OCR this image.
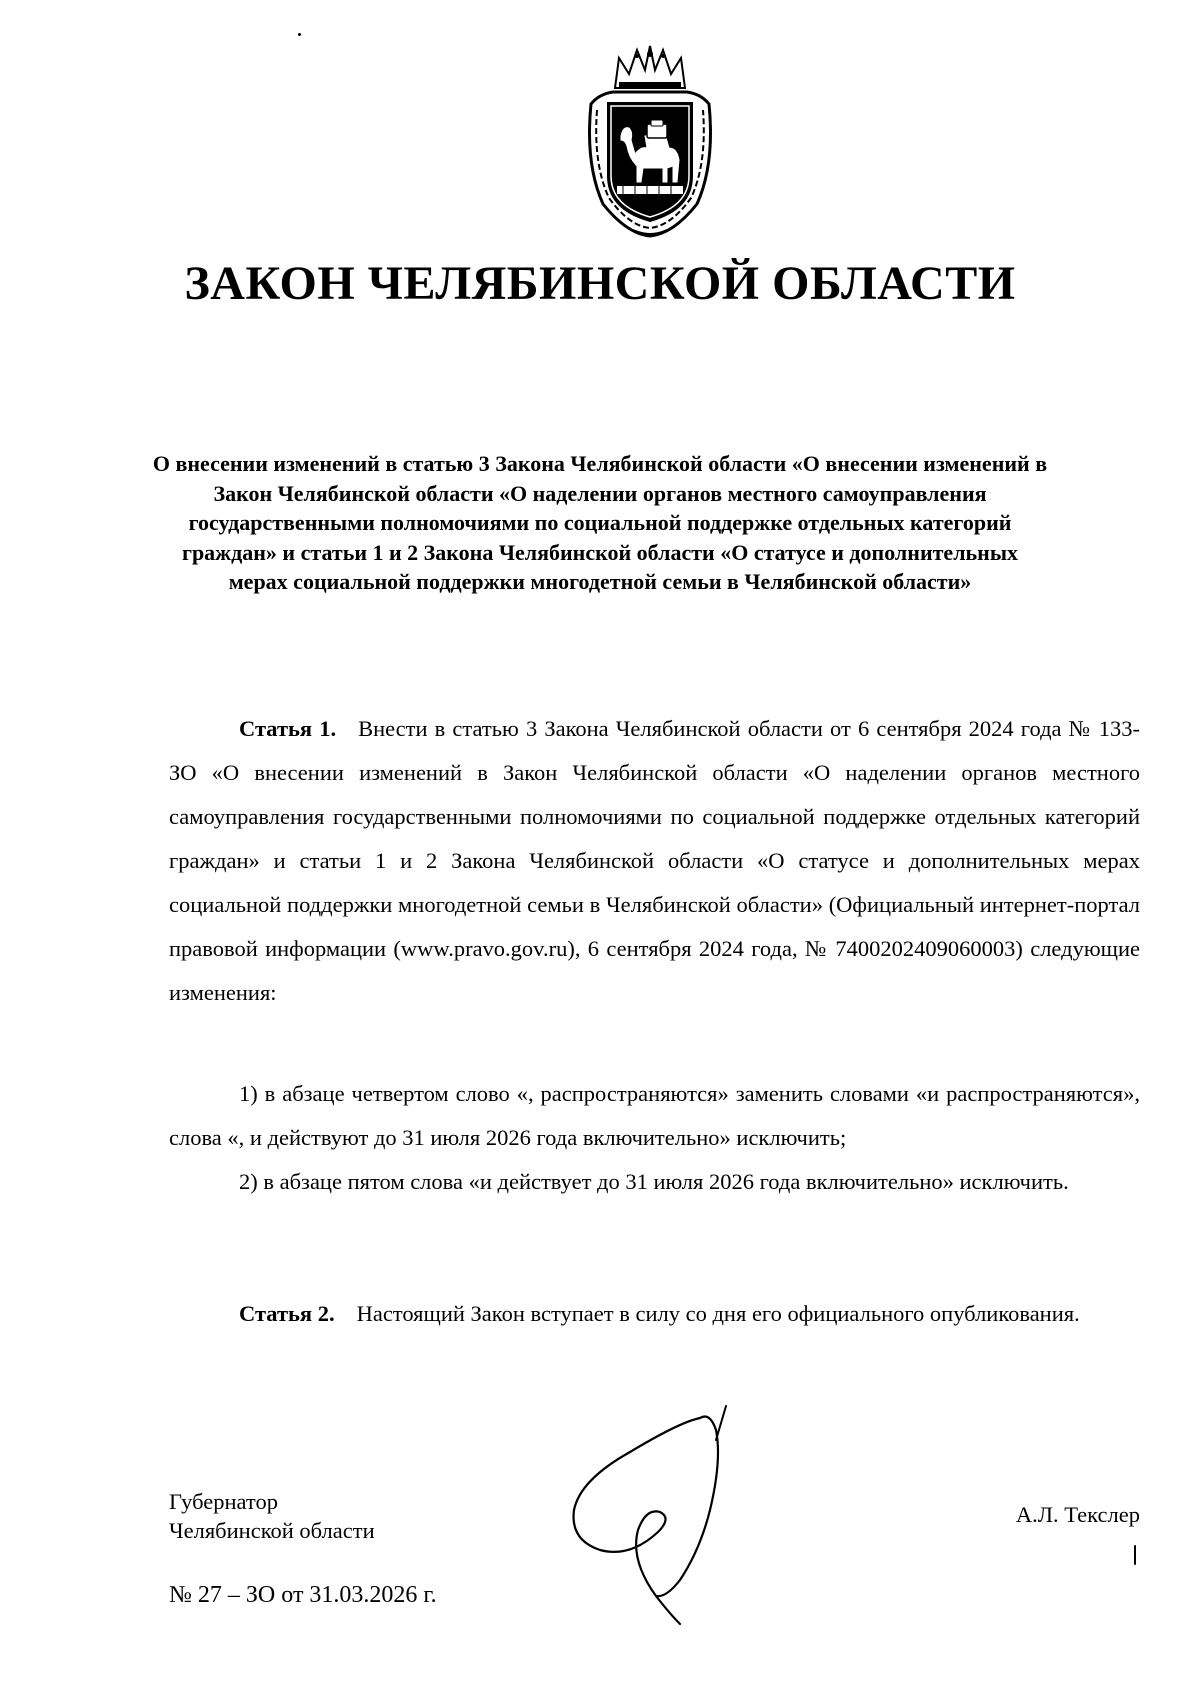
ЗАКОН ЧЕЛЯБИНСКОЙ ОБЛАСТИ

О внесении изменений в статью 3 Закона Челябинской области «О внесении изменений в Закон Челябинской области «О наделении органов местного самоуправления государственными полномочиями по социальной поддержке отдельных категорий граждан» и статьи 1 и 2 Закона Челябинской области «О статусе и дополнительных мерах социальной поддержки многодетной семьи в Челябинской области»

Статья 1. Внести в статью 3 Закона Челябинской области от 6 сентября 2024 года № 133-ЗО «О внесении изменений в Закон Челябинской области «О наделении органов местного самоуправления государственными полномочиями по социальной поддержке отдельных категорий граждан» и статьи 1 и 2 Закона Челябинской области «О статусе и дополнительных мерах социальной поддержки многодетной семьи в Челябинской области» (Официальный интернет-портал правовой информации (www.pravo.gov.ru), 6 сентября 2024 года, № 7400202409060003) следующие изменения:

1) в абзаце четвертом слово «, распространяются» заменить словами «и распространяются», слова «, и действуют до 31 июля 2026 года включительно» исключить;

2) в абзаце пятом слова «и действует до 31 июля 2026 года включительно» исключить.

Статья 2. Настоящий Закон вступает в силу со дня его официального опубликования.

Губернатор
Челябинской области
А.Л. Текслер
№ 27 – ЗО от 31.03.2026 г.
